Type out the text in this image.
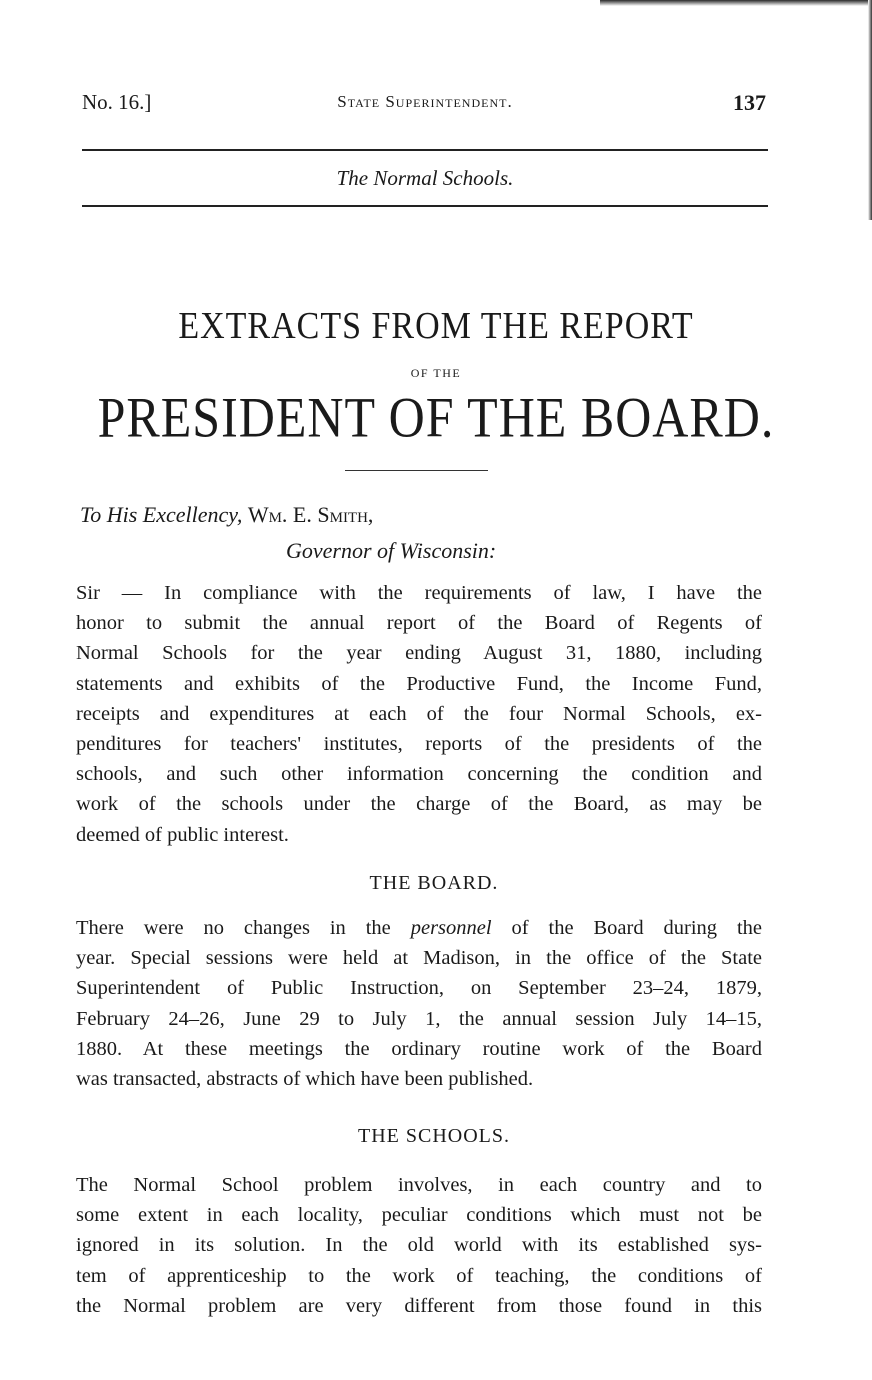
No. 16.]	State Superintendent.	137
The Normal Schools.
EXTRACTS FROM THE REPORT
OF THE
PRESIDENT OF THE BOARD.
To His Excellency, Wm. E. Smith,
Governor of Wisconsin:
Sir — In compliance with the requirements of law, I have the
honor to submit the annual report of the Board of Regents of
Normal Schools for the year ending August 31, 1880, including
statements and exhibits of the Productive Fund, the Income Fund,
receipts and expenditures at each of the four Normal Schools, ex-
penditures for teachers' institutes, reports of the presidents of the
schools, and such other information concerning the condition and
work of the schools under the charge of the Board, as may be
deemed of public interest.
THE BOARD.
There were no changes in the personnel of the Board during the
year. Special sessions were held at Madison, in the office of the State
Superintendent of Public Instruction, on September 23–24, 1879,
February 24–26, June 29 to July 1, the annual session July 14–15,
1880. At these meetings the ordinary routine work of the Board
was transacted, abstracts of which have been published.
THE SCHOOLS.
The Normal School problem involves, in each country and to
some extent in each locality, peculiar conditions which must not be
ignored in its solution. In the old world with its established sys-
tem of apprenticeship to the work of teaching, the conditions of
the Normal problem are very different from those found in this
